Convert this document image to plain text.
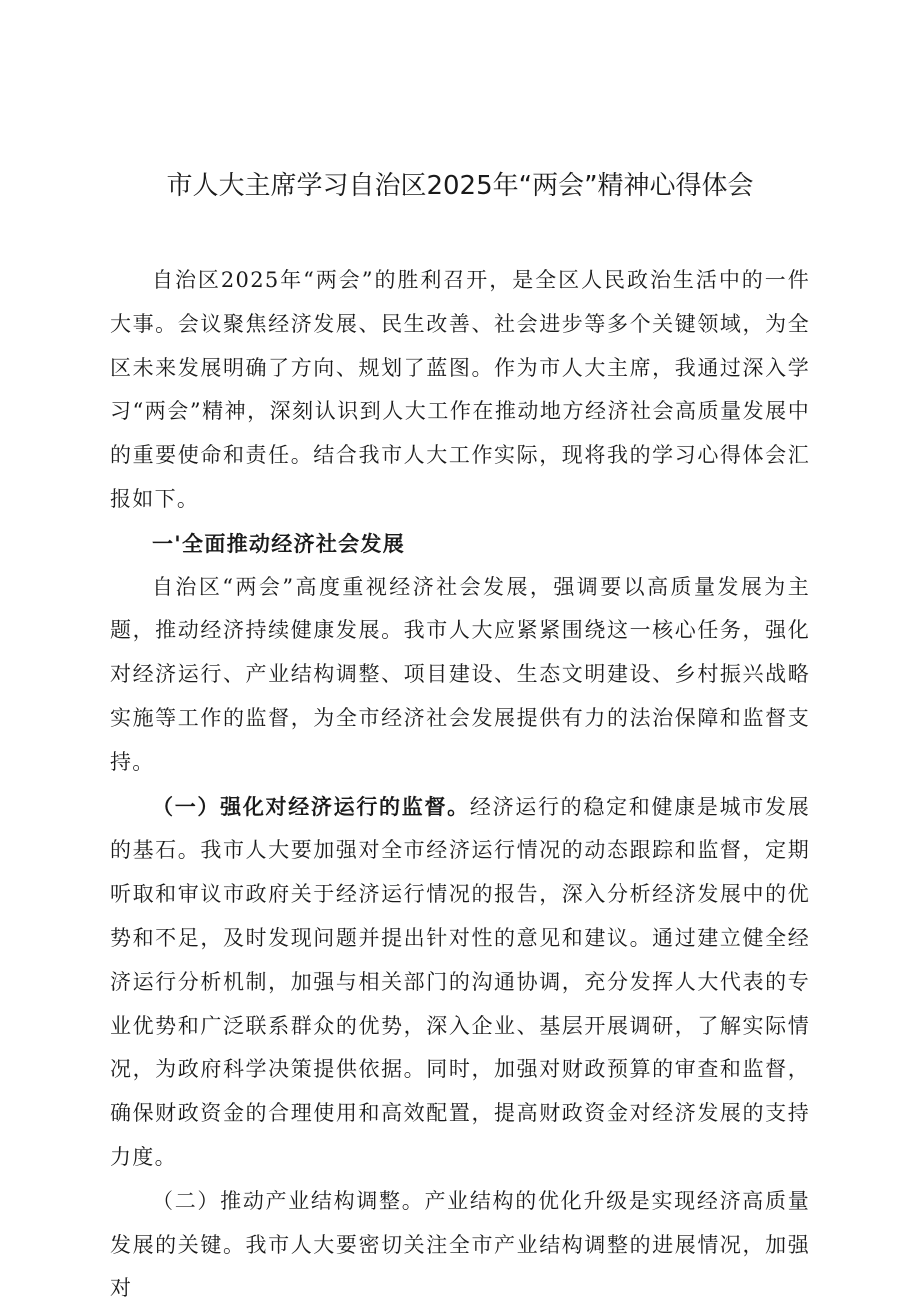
市人大主席学习自治区2025年“两会”精神心得体会

自治区2025年“两会”的胜利召开，是全区人民政治生活中的一件大事。会议聚焦经济发展、民生改善、社会进步等多个关键领域，为全区未来发展明确了方向、规划了蓝图。作为市人大主席，我通过深入学习“两会”精神，深刻认识到人大工作在推动地方经济社会高质量发展中的重要使命和责任。结合我市人大工作实际，现将我的学习心得体会汇报如下。

一'全面推动经济社会发展

自治区“两会”高度重视经济社会发展，强调要以高质量发展为主题，推动经济持续健康发展。我市人大应紧紧围绕这一核心任务，强化对经济运行、产业结构调整、项目建设、生态文明建设、乡村振兴战略实施等工作的监督，为全市经济社会发展提供有力的法治保障和监督支持。

（一）强化对经济运行的监督。经济运行的稳定和健康是城市发展的基石。我市人大要加强对全市经济运行情况的动态跟踪和监督，定期听取和审议市政府关于经济运行情况的报告，深入分析经济发展中的优势和不足，及时发现问题并提出针对性的意见和建议。通过建立健全经济运行分析机制，加强与相关部门的沟通协调，充分发挥人大代表的专业优势和广泛联系群众的优势，深入企业、基层开展调研，了解实际情况，为政府科学决策提供依据。同时，加强对财政预算的审查和监督，确保财政资金的合理使用和高效配置，提高财政资金对经济发展的支持力度。

（二）推动产业结构调整。产业结构的优化升级是实现经济高质量发展的关键。我市人大要密切关注全市产业结构调整的进展情况，加强对
